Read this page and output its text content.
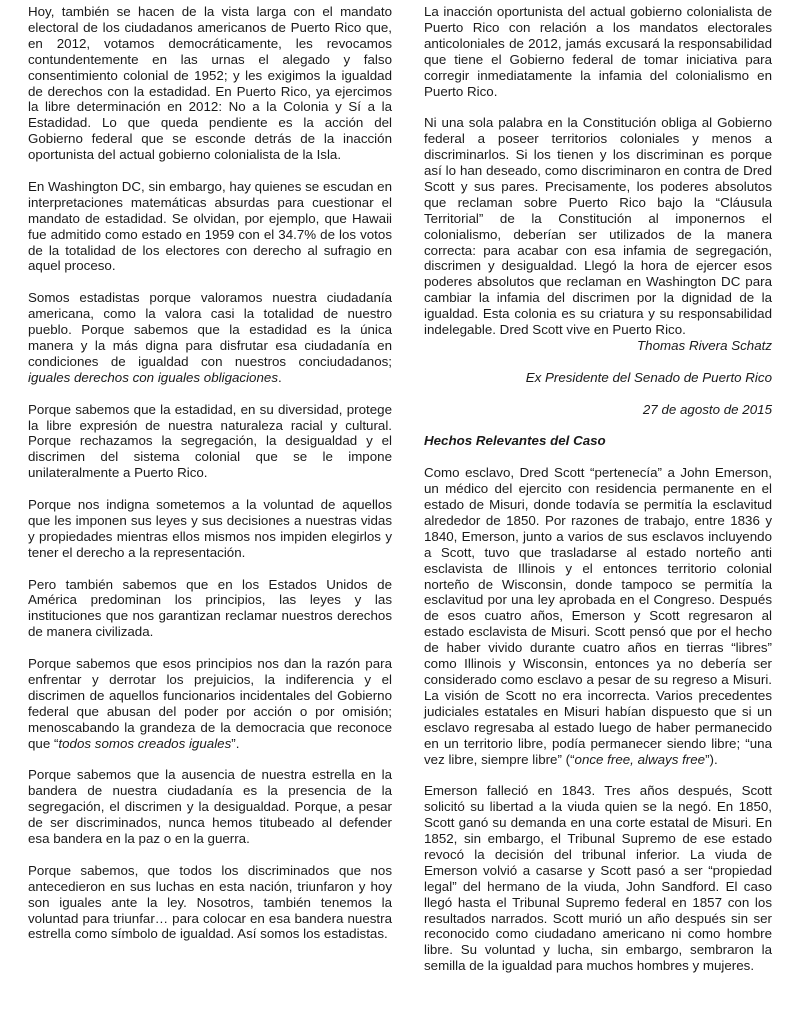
Hoy, también se hacen de la vista larga con el mandato electoral de los ciudadanos americanos de Puerto Rico que, en 2012, votamos democráticamente, les revocamos contundentemente en las urnas el alegado y falso consentimiento colonial de 1952; y les exigimos la igualdad de derechos con la estadidad. En Puerto Rico, ya ejercimos la libre determinación en 2012: No a la Colonia y Sí a la Estadidad. Lo que queda pendiente es la acción del Gobierno federal que se esconde detrás de la inacción oportunista del actual gobierno colonialista de la Isla.

En Washington DC, sin embargo, hay quienes se escudan en interpretaciones matemáticas absurdas para cuestionar el mandato de estadidad. Se olvidan, por ejemplo, que Hawaii fue admitido como estado en 1959 con el 34.7% de los votos de la totalidad de los electores con derecho al sufragio en aquel proceso.

Somos estadistas porque valoramos nuestra ciudadanía americana, como la valora casi la totalidad de nuestro pueblo. Porque sabemos que la estadidad es la única manera y la más digna para disfrutar esa ciudadanía en condiciones de igualdad con nuestros conciudadanos; iguales derechos con iguales obligaciones.

Porque sabemos que la estadidad, en su diversidad, protege la libre expresión de nuestra naturaleza racial y cultural. Porque rechazamos la segregación, la desigualdad y el discrimen del sistema colonial que se le impone unilateralmente a Puerto Rico.

Porque nos indigna sometemos a la voluntad de aquellos que les imponen sus leyes y sus decisiones a nuestras vidas y propiedades mientras ellos mismos nos impiden elegirlos y tener el derecho a la representación.

Pero también sabemos que en los Estados Unidos de América predominan los principios, las leyes y las instituciones que nos garantizan reclamar nuestros derechos de manera civilizada.

Porque sabemos que esos principios nos dan la razón para enfrentar y derrotar los prejuicios, la indiferencia y el discrimen de aquellos funcionarios incidentales del Gobierno federal que abusan del poder por acción o por omisión; menoscabando la grandeza de la democracia que reconoce que “todos somos creados iguales”.

Porque sabemos que la ausencia de nuestra estrella en la bandera de nuestra ciudadanía es la presencia de la segregación, el discrimen y la desigualdad. Porque, a pesar de ser discriminados, nunca hemos titubeado al defender esa bandera en la paz o en la guerra.

Porque sabemos, que todos los discriminados que nos antecedieron en sus luchas en esta nación, triunfaron y hoy son iguales ante la ley. Nosotros, también tenemos la voluntad para triunfar… para colocar en esa bandera nuestra estrella como símbolo de igualdad. Así somos los estadistas.

La inacción oportunista del actual gobierno colonialista de Puerto Rico con relación a los mandatos electorales anticoloniales de 2012, jamás excusará la responsabilidad que tiene el Gobierno federal de tomar iniciativa para corregir inmediatamente la infamia del colonialismo en Puerto Rico.

Ni una sola palabra en la Constitución obliga al Gobierno federal a poseer territorios coloniales y menos a discriminarlos. Si los tienen y los discriminan es porque así lo han deseado, como discriminaron en contra de Dred Scott y sus pares. Precisamente, los poderes absolutos que reclaman sobre Puerto Rico bajo la “Cláusula Territorial” de la Constitución al imponernos el colonialismo, deberían ser utilizados de la manera correcta: para acabar con esa infamia de segregación, discrimen y desigualdad. Llegó la hora de ejercer esos poderes absolutos que reclaman en Washington DC para cambiar la infamia del discrimen por la dignidad de la igualdad. Esta colonia es su criatura y su responsabilidad indelegable. Dred Scott vive en Puerto Rico.

Thomas Rivera Schatz

Ex Presidente del Senado de Puerto Rico

27 de agosto de 2015

Hechos Relevantes del Caso

Como esclavo, Dred Scott “pertenecía” a John Emerson, un médico del ejercito con residencia permanente en el estado de Misuri, donde todavía se permitía la esclavitud alrededor de 1850. Por razones de trabajo, entre 1836 y 1840, Emerson, junto a varios de sus esclavos incluyendo a Scott, tuvo que trasladarse al estado norteño anti esclavista de Illinois y el entonces territorio colonial norteño de Wisconsin, donde tampoco se permitía la esclavitud por una ley aprobada en el Congreso. Después de esos cuatro años, Emerson y Scott regresaron al estado esclavista de Misuri. Scott pensó que por el hecho de haber vivido durante cuatro años en tierras “libres” como Illinois y Wisconsin, entonces ya no debería ser considerado como esclavo a pesar de su regreso a Misuri. La visión de Scott no era incorrecta. Varios precedentes judiciales estatales en Misuri habían dispuesto que si un esclavo regresaba al estado luego de haber permanecido en un territorio libre, podía permanecer siendo libre; “una vez libre, siempre libre” (“once free, always free”).

Emerson falleció en 1843. Tres años después, Scott solicitó su libertad a la viuda quien se la negó. En 1850, Scott ganó su demanda en una corte estatal de Misuri. En 1852, sin embargo, el Tribunal Supremo de ese estado revocó la decisión del tribunal inferior. La viuda de Emerson volvió a casarse y Scott pasó a ser “propiedad legal” del hermano de la viuda, John Sandford. El caso llegó hasta el Tribunal Supremo federal en 1857 con los resultados narrados. Scott murió un año después sin ser reconocido como ciudadano americano ni como hombre libre. Su voluntad y lucha, sin embargo, sembraron la semilla de la igualdad para muchos hombres y mujeres.
